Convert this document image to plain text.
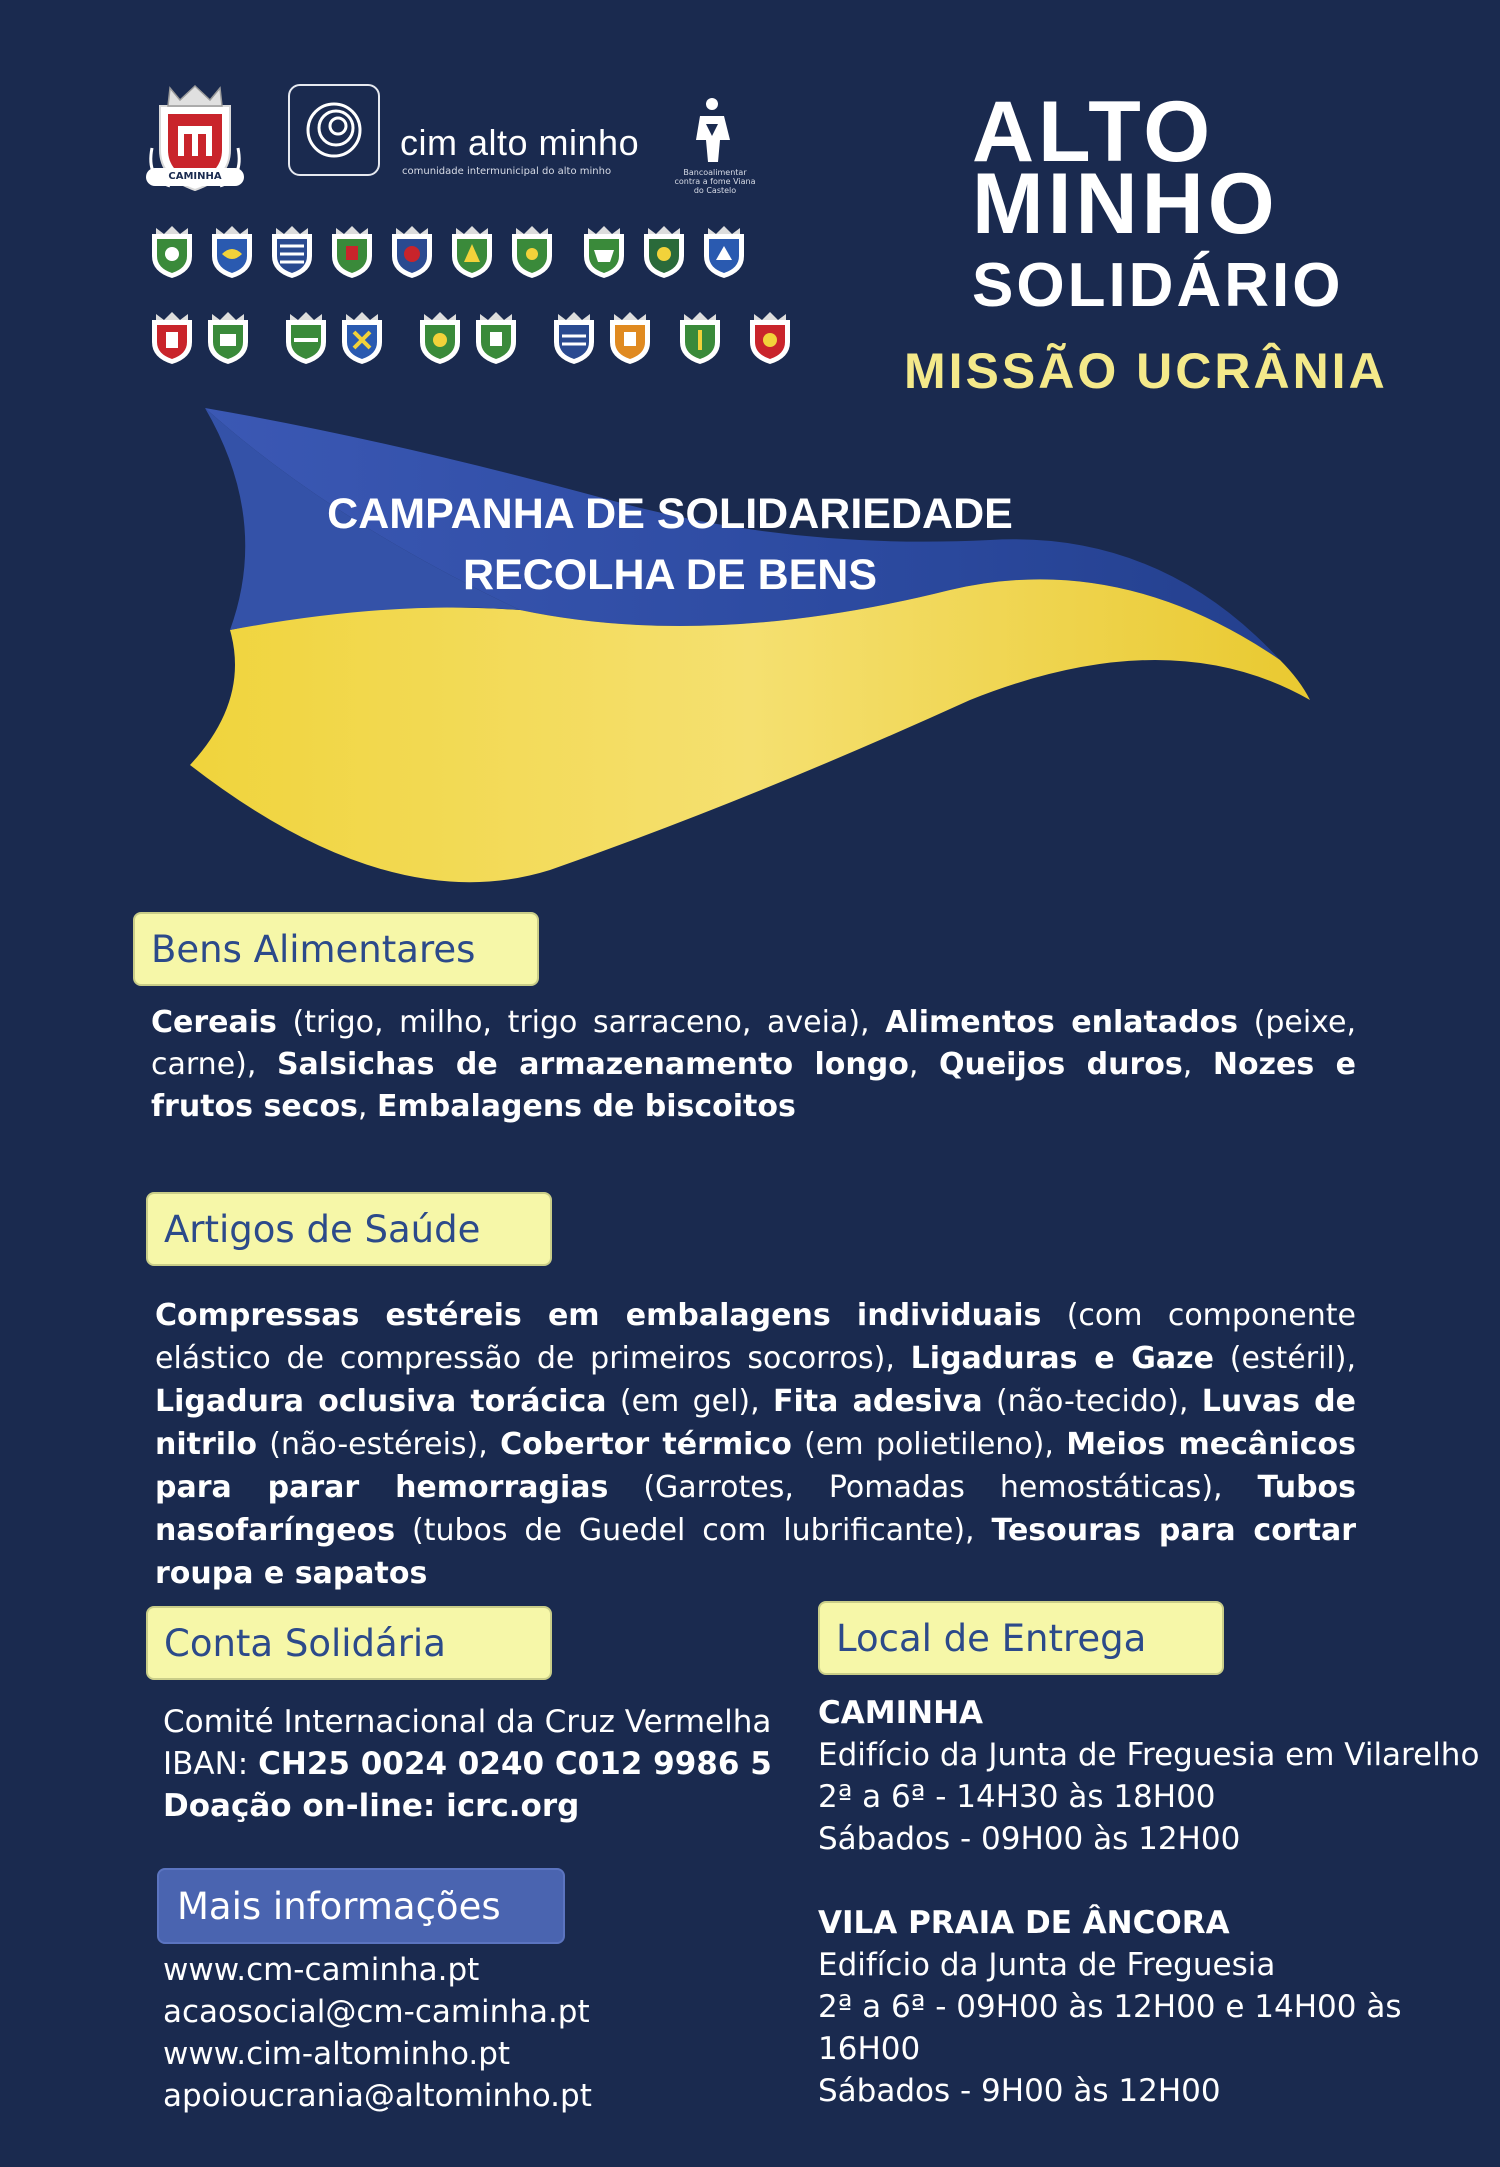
CAMINHA
cim alto minho
comunidade intermunicipal do alto minho	Bancoalimentar contra a fome Viana do Castelo
ALTO
MINHO
SOLIDÁRIO
MISSÃO UCRÂNIA
CAMPANHA DE SOLIDARIEDADE
RECOLHA DE BENS
Bens Alimentares
Cereais (trigo, milho, trigo sarraceno, aveia), Alimentos enlatados (peixe, carne), Salsichas de armazenamento longo, Queijos duros, Nozes e frutos secos, Embalagens de biscoitos
Artigos de Saúde
Compressas estéreis em embalagens individuais (com componente elástico de compressão de primeiros socorros), Ligaduras e Gaze (estéril), Ligadura oclusiva torácica (em gel), Fita adesiva (não-tecido), Luvas de nitrilo (não-estéreis), Cobertor térmico (em polietileno), Meios mecânicos para parar hemorragias (Garrotes, Pomadas hemostáticas), Tubos nasofaríngeos (tubos de Guedel com lubrificante), Tesouras para cortar roupa e sapatos
Conta Solidária
Comité Internacional da Cruz Vermelha
IBAN: CH25 0024 0240 C012 9986 5
Doação on-line: icrc.org
Mais informações
www.cm-caminha.pt
acaosocial@cm-caminha.pt
www.cim-altominho.pt
apoioucrania@altominho.pt
Local de Entrega
CAMINHA
Edifício da Junta de Freguesia em Vilarelho
2ª a 6ª - 14H30 às 18H00
Sábados - 09H00 às 12H00
VILA PRAIA DE ÂNCORA
Edifício da Junta de Freguesia
2ª a 6ª - 09H00 às 12H00 e 14H00 às 16H00
Sábados - 9H00 às 12H00
